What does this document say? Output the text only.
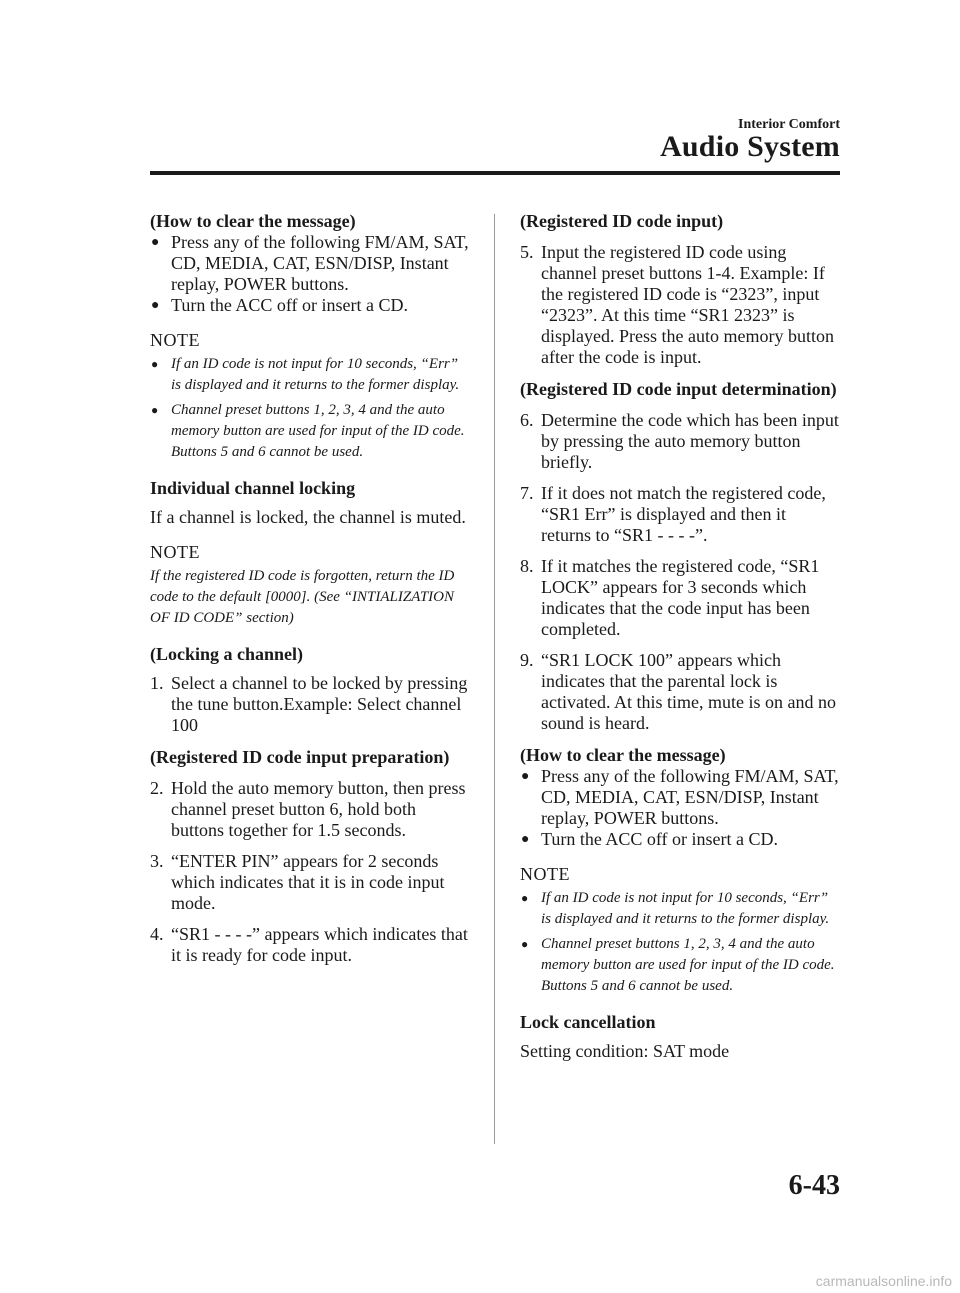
Interior Comfort
Audio System

(How to clear the message)

● Press any of the following FM/AM, SAT, CD, MEDIA, CAT, ESN/DISP, Instant replay, POWER buttons.

● Turn the ACC off or insert a CD.

NOTE

● If an ID code is not input for 10 seconds, “Err” is displayed and it returns to the former display.

● Channel preset buttons 1, 2, 3, 4 and the auto memory button are used for input of the ID code. Buttons 5 and 6 cannot be used.

Individual channel locking

If a channel is locked, the channel is muted.

NOTE

If the registered ID code is forgotten, return the ID code to the default [0000]. (See “INTIALIZATION OF ID CODE” section)

(Locking a channel)

1. Select a channel to be locked by pressing the tune button.Example: Select channel 100

(Registered ID code input preparation)

2. Hold the auto memory button, then press channel preset button 6, hold both buttons together for 1.5 seconds.

3. “ENTER PIN” appears for 2 seconds which indicates that it is in code input mode.

4. “SR1 - - - -” appears which indicates that it is ready for code input.

(Registered ID code input)

5. Input the registered ID code using channel preset buttons 1-4. Example: If the registered ID code is “2323”, input “2323”. At this time “SR1 2323” is displayed. Press the auto memory button after the code is input.

(Registered ID code input determination)

6. Determine the code which has been input by pressing the auto memory button briefly.

7. If it does not match the registered code, “SR1 Err” is displayed and then it returns to “SR1 - - - -”.

8. If it matches the registered code, “SR1 LOCK” appears for 3 seconds which indicates that the code input has been completed.

9. “SR1 LOCK 100” appears which indicates that the parental lock is activated. At this time, mute is on and no sound is heard.

(How to clear the message)

● Press any of the following FM/AM, SAT, CD, MEDIA, CAT, ESN/DISP, Instant replay, POWER buttons.

● Turn the ACC off or insert a CD.

NOTE

● If an ID code is not input for 10 seconds, “Err” is displayed and it returns to the former display.

● Channel preset buttons 1, 2, 3, 4 and the auto memory button are used for input of the ID code. Buttons 5 and 6 cannot be used.

Lock cancellation

Setting condition: SAT mode

6-43
carmanualsonline.info
